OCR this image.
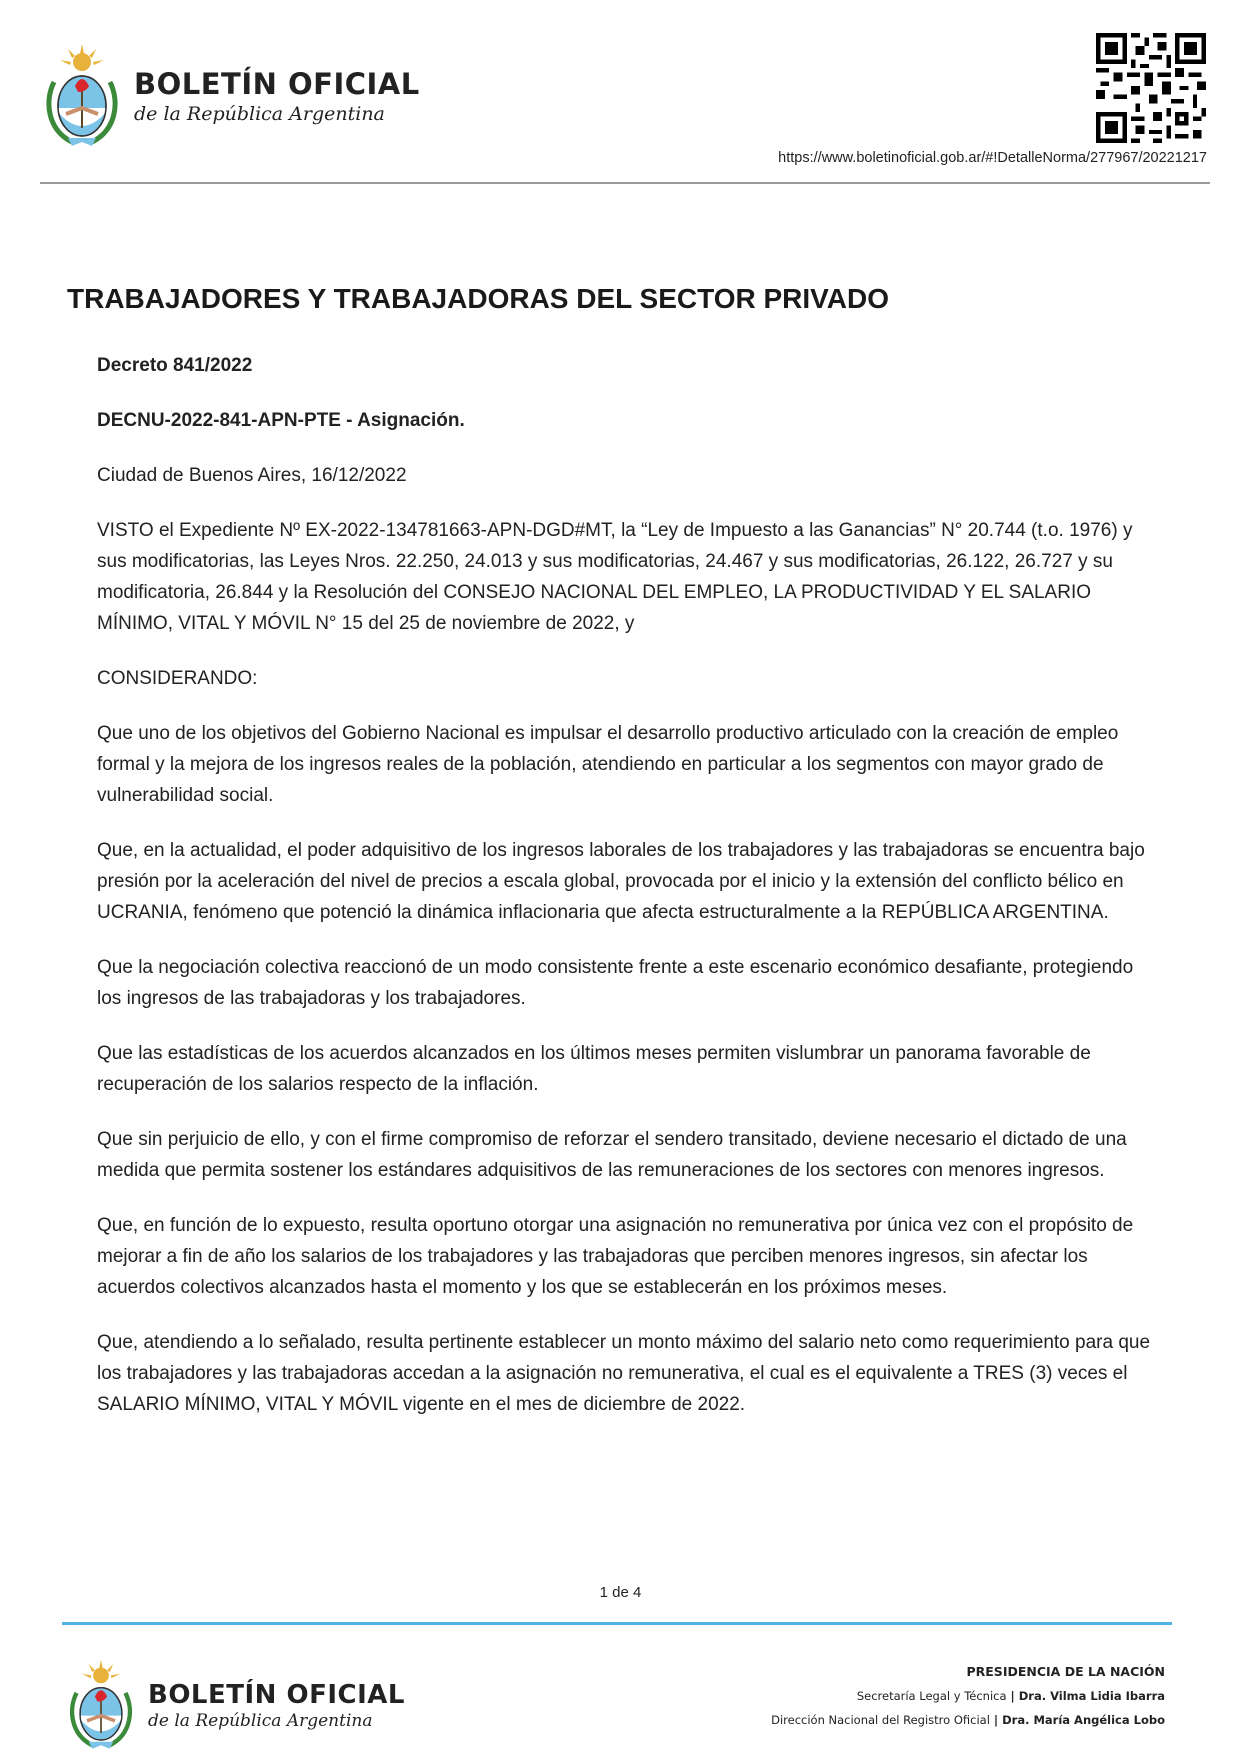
BOLETÍN OFICIAL
de la República Argentina
https://www.boletinoficial.gob.ar/#!DetalleNorma/277967/20221217
TRABAJADORES Y TRABAJADORAS DEL SECTOR PRIVADO

Decreto 841/2022

DECNU-2022-841-APN-PTE - Asignación.

Ciudad de Buenos Aires, 16/12/2022

VISTO el Expediente Nº EX-2022-134781663-APN-DGD#MT, la “Ley de Impuesto a las Ganancias” N° 20.744 (t.o. 1976) y sus modificatorias, las Leyes Nros. 22.250, 24.013 y sus modificatorias, 24.467 y sus modificatorias, 26.122, 26.727 y su modificatoria, 26.844 y la Resolución del CONSEJO NACIONAL DEL EMPLEO, LA PRODUCTIVIDAD Y EL SALARIO MÍNIMO, VITAL Y MÓVIL N° 15 del 25 de noviembre de 2022, y

CONSIDERANDO:

Que uno de los objetivos del Gobierno Nacional es impulsar el desarrollo productivo articulado con la creación de empleo formal y la mejora de los ingresos reales de la población, atendiendo en particular a los segmentos con mayor grado de vulnerabilidad social.

Que, en la actualidad, el poder adquisitivo de los ingresos laborales de los trabajadores y las trabajadoras se encuentra bajo presión por la aceleración del nivel de precios a escala global, provocada por el inicio y la extensión del conflicto bélico en UCRANIA, fenómeno que potenció la dinámica inflacionaria que afecta estructuralmente a la REPÚBLICA ARGENTINA.

Que la negociación colectiva reaccionó de un modo consistente frente a este escenario económico desafiante, protegiendo los ingresos de las trabajadoras y los trabajadores.

Que las estadísticas de los acuerdos alcanzados en los últimos meses permiten vislumbrar un panorama favorable de recuperación de los salarios respecto de la inflación.

Que sin perjuicio de ello, y con el firme compromiso de reforzar el sendero transitado, deviene necesario el dictado de una medida que permita sostener los estándares adquisitivos de las remuneraciones de los sectores con menores ingresos.

Que, en función de lo expuesto, resulta oportuno otorgar una asignación no remunerativa por única vez con el propósito de mejorar a fin de año los salarios de los trabajadores y las trabajadoras que perciben menores ingresos, sin afectar los acuerdos colectivos alcanzados hasta el momento y los que se establecerán en los próximos meses.

Que, atendiendo a lo señalado, resulta pertinente establecer un monto máximo del salario neto como requerimiento para que los trabajadores y las trabajadoras accedan a la asignación no remunerativa, el cual es el equivalente a TRES (3) veces el SALARIO MÍNIMO, VITAL Y MÓVIL vigente en el mes de diciembre de 2022.

1 de 4
BOLETÍN OFICIAL
de la República Argentina
PRESIDENCIA DE LA NACIÓN
Secretaría Legal y Técnica | Dra. Vilma Lidia Ibarra
Dirección Nacional del Registro Oficial | Dra. María Angélica Lobo
